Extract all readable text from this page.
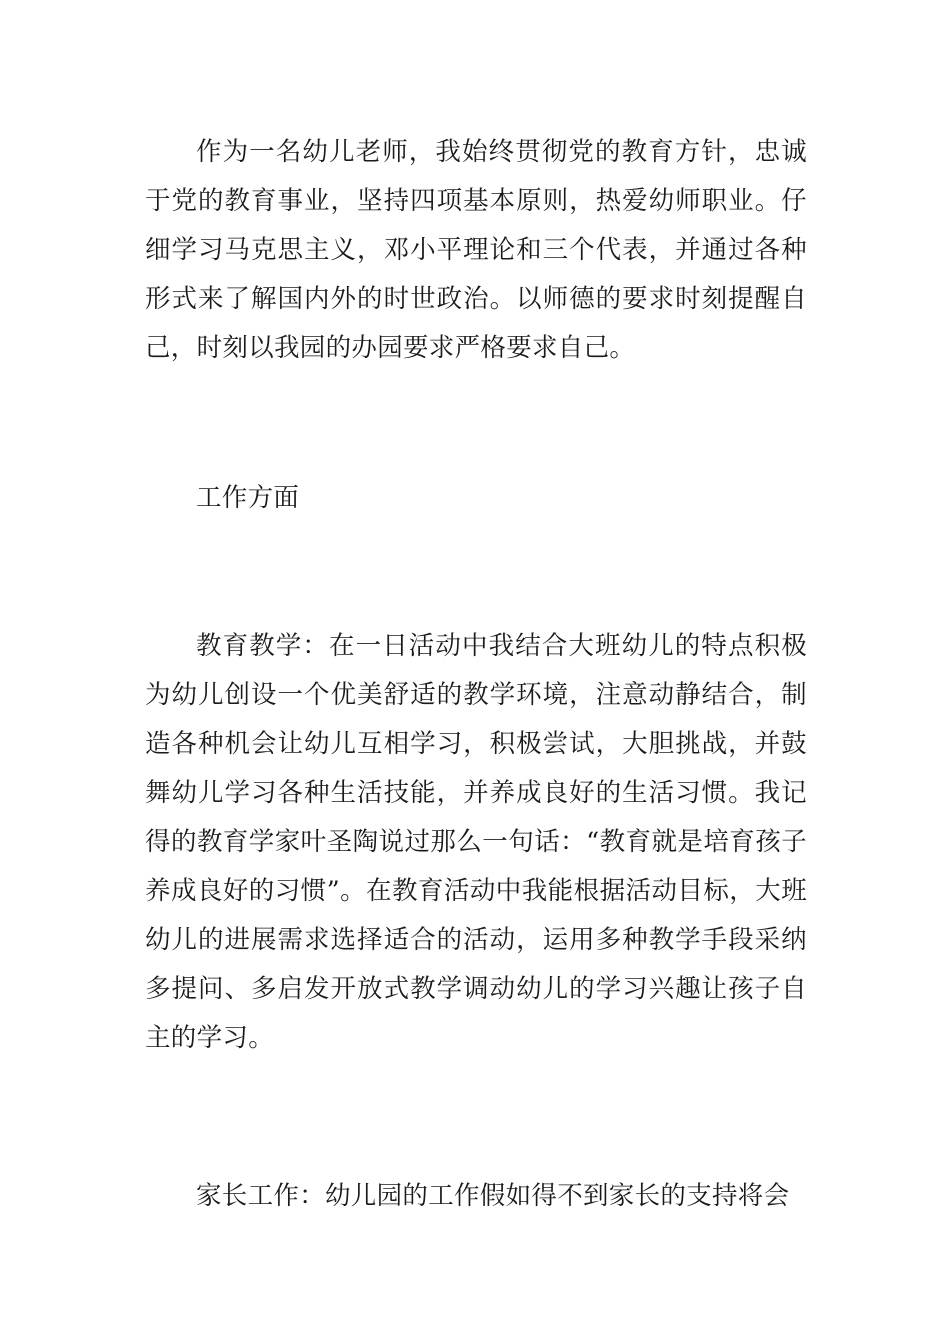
作为一名幼儿老师，我始终贯彻党的教育方针，忠诚于党的教育事业，坚持四项基本原则，热爱幼师职业。仔细学习马克思主义，邓小平理论和三个代表，并通过各种形式来了解国内外的时世政治。以师德的要求时刻提醒自己，时刻以我园的办园要求严格要求自己。

工作方面

教育教学：在一日活动中我结合大班幼儿的特点积极为幼儿创设一个优美舒适的教学环境，注意动静结合，制造各种机会让幼儿互相学习，积极尝试，大胆挑战，并鼓舞幼儿学习各种生活技能，并养成良好的生活习惯。我记得的教育学家叶圣陶说过那么一句话：“教育就是培育孩子养成良好的习惯”。在教育活动中我能根据活动目标，大班幼儿的进展需求选择适合的活动，运用多种教学手段采纳多提问、多启发开放式教学调动幼儿的学习兴趣让孩子自主的学习。

家长工作：幼儿园的工作假如得不到家长的支持将会
